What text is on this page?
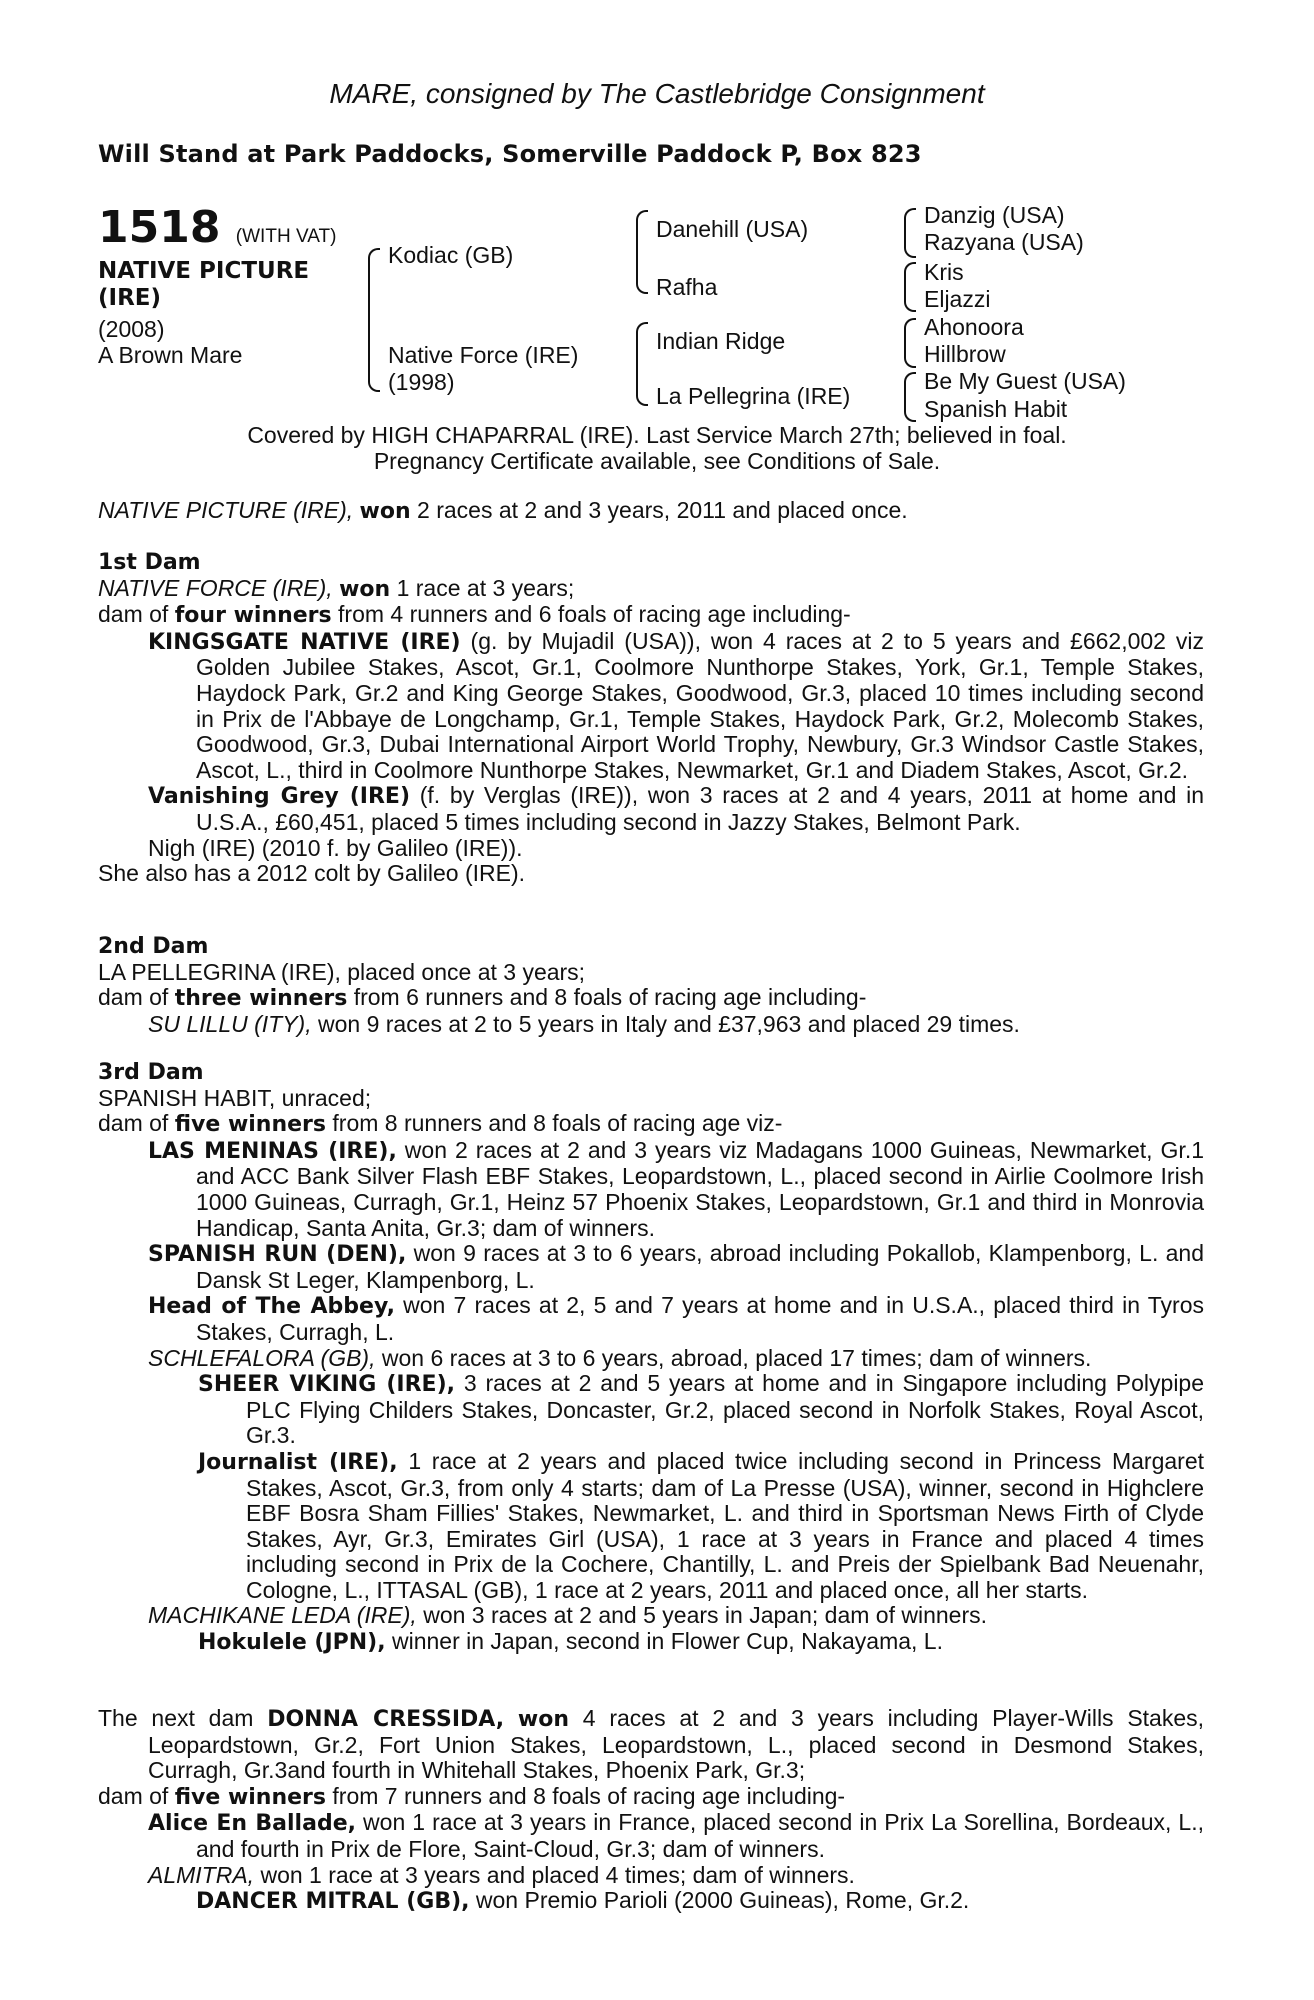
MARE, consigned by The Castlebridge Consignment
Will Stand at Park Paddocks, Somerville Paddock P, Box 823
1518 (WITH VAT)
NATIVE PICTURE
(IRE)
(2008)
A Brown Mare
Kodiac (GB)
Native Force (IRE)
(1998)
Danehill (USA)
Rafha
Indian Ridge
La Pellegrina (IRE)
Danzig (USA)
Razyana (USA)
Kris
Eljazzi
Ahonoora
Hillbrow
Be My Guest (USA)
Spanish Habit
Covered by HIGH CHAPARRAL (IRE). Last Service March 27th; believed in foal.
Pregnancy Certificate available, see Conditions of Sale.
NATIVE PICTURE (IRE), won 2 races at 2 and 3 years, 2011 and placed once.
1st Dam

NATIVE FORCE (IRE), won 1 race at 3 years;

dam of four winners from 4 runners and 6 foals of racing age including-

KINGSGATE NATIVE (IRE) (g. by Mujadil (USA)), won 4 races at 2 to 5 years and £662,002 viz Golden Jubilee Stakes, Ascot, Gr.1, Coolmore Nunthorpe Stakes, York, Gr.1, Temple Stakes, Haydock Park, Gr.2 and King George Stakes, Goodwood, Gr.3, placed 10 times including second in Prix de l'Abbaye de Longchamp, Gr.1, Temple Stakes, Haydock Park, Gr.2, Molecomb Stakes, Goodwood, Gr.3, Dubai International Airport World Trophy, Newbury, Gr.3 Windsor Castle Stakes, Ascot, L., third in Coolmore Nunthorpe Stakes, Newmarket, Gr.1 and Diadem Stakes, Ascot, Gr.2.

Vanishing Grey (IRE) (f. by Verglas (IRE)), won 3 races at 2 and 4 years, 2011 at home and in U.S.A., £60,451, placed 5 times including second in Jazzy Stakes, Belmont Park.

Nigh (IRE) (2010 f. by Galileo (IRE)).

She also has a 2012 colt by Galileo (IRE).

2nd Dam

LA PELLEGRINA (IRE), placed once at 3 years;

dam of three winners from 6 runners and 8 foals of racing age including-

SU LILLU (ITY), won 9 races at 2 to 5 years in Italy and £37,963 and placed 29 times.

3rd Dam

SPANISH HABIT, unraced;

dam of five winners from 8 runners and 8 foals of racing age viz-

LAS MENINAS (IRE), won 2 races at 2 and 3 years viz Madagans 1000 Guineas, Newmarket, Gr.1 and ACC Bank Silver Flash EBF Stakes, Leopardstown, L., placed second in Airlie Coolmore Irish 1000 Guineas, Curragh, Gr.1, Heinz 57 Phoenix Stakes, Leopardstown, Gr.1 and third in Monrovia Handicap, Santa Anita, Gr.3; dam of winners.

SPANISH RUN (DEN), won 9 races at 3 to 6 years, abroad including Pokallob, Klampenborg, L. and Dansk St Leger, Klampenborg, L.

Head of The Abbey, won 7 races at 2, 5 and 7 years at home and in U.S.A., placed third in Tyros Stakes, Curragh, L.

SCHLEFALORA (GB), won 6 races at 3 to 6 years, abroad, placed 17 times; dam of winners.

SHEER VIKING (IRE), 3 races at 2 and 5 years at home and in Singapore including Polypipe PLC Flying Childers Stakes, Doncaster, Gr.2, placed second in Norfolk Stakes, Royal Ascot, Gr.3.

Journalist (IRE), 1 race at 2 years and placed twice including second in Princess Margaret Stakes, Ascot, Gr.3, from only 4 starts; dam of La Presse (USA), winner, second in Highclere EBF Bosra Sham Fillies' Stakes, Newmarket, L. and third in Sportsman News Firth of Clyde Stakes, Ayr, Gr.3, Emirates Girl (USA), 1 race at 3 years in France and placed 4 times including second in Prix de la Cochere, Chantilly, L. and Preis der Spielbank Bad Neuenahr, Cologne, L., ITTASAL (GB), 1 race at 2 years, 2011 and placed once, all her starts.

MACHIKANE LEDA (IRE), won 3 races at 2 and 5 years in Japan; dam of winners.

Hokulele (JPN), winner in Japan, second in Flower Cup, Nakayama, L.

The next dam DONNA CRESSIDA, won 4 races at 2 and 3 years including Player-Wills Stakes, Leopardstown, Gr.2, Fort Union Stakes, Leopardstown, L., placed second in Desmond Stakes, Curragh, Gr.3and fourth in Whitehall Stakes, Phoenix Park, Gr.3;

dam of five winners from 7 runners and 8 foals of racing age including-

Alice En Ballade, won 1 race at 3 years in France, placed second in Prix La Sorellina, Bordeaux, L., and fourth in Prix de Flore, Saint-Cloud, Gr.3; dam of winners.

ALMITRA, won 1 race at 3 years and placed 4 times; dam of winners.

DANCER MITRAL (GB), won Premio Parioli (2000 Guineas), Rome, Gr.2.
